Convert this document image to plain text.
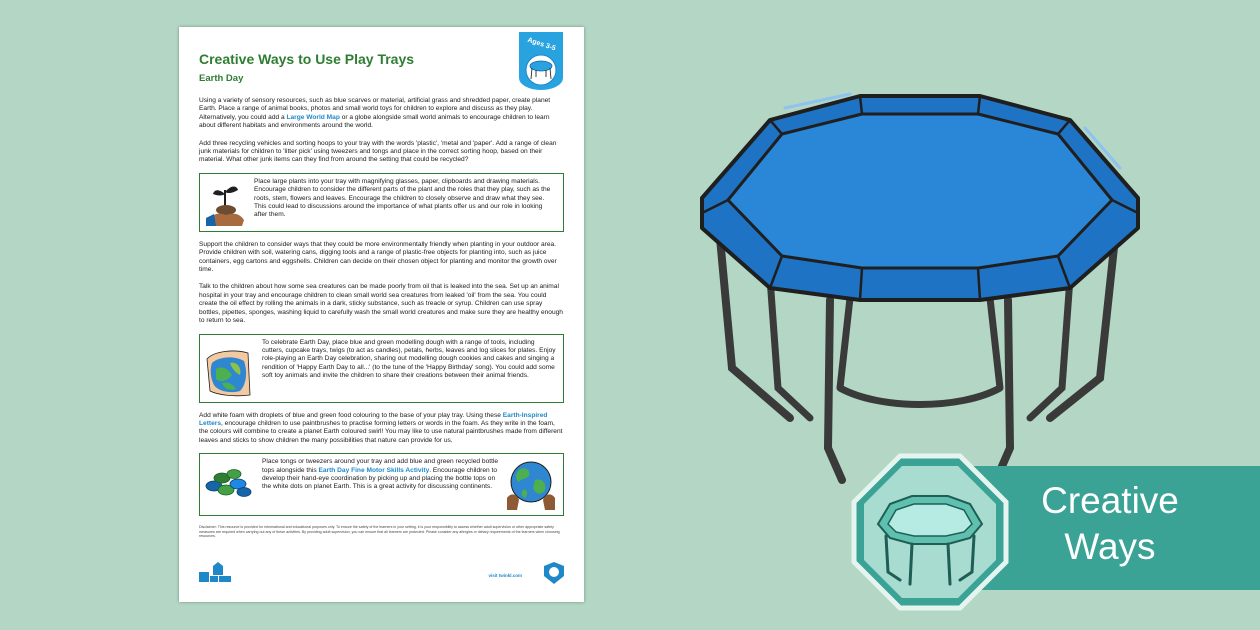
Ages 3-5
Creative Ways to Use Play Trays
Earth Day
Using a variety of sensory resources, such as blue scarves or material, artificial grass and shredded paper, create planet Earth. Place a range of animal books, photos and small world toys for children to explore and discuss as they play. Alternatively, you could add a Large World Map or a globe alongside small world animals to encourage children to learn about different habitats and environments around the world.
Add three recycling vehicles and sorting hoops to your tray with the words 'plastic', 'metal and 'paper'. Add a range of clean junk materials for children to 'litter pick' using tweezers and tongs and place in the correct sorting hoop, based on their material. What other junk items can they find from around the setting that could be recycled?
Place large plants into your tray with magnifying glasses, paper, clipboards and drawing materials. Encourage children to consider the different parts of the plant and the roles that they play, such as the roots, stem, flowers and leaves. Encourage the children to closely observe and draw what they see. This could lead to discussions around the importance of what plants offer us and our role in looking after them.
Support the children to consider ways that they could be more environmentally friendly when planting in your outdoor area. Provide children with soil, watering cans, digging tools and a range of plastic-free objects for planting into, such as juice containers, egg cartons and eggshells. Children can decide on their chosen object for planting and monitor the growth over time.
Talk to the children about how some sea creatures can be made poorly from oil that is leaked into the sea. Set up an animal hospital in your tray and encourage children to clean small world sea creatures from leaked 'oil' from the sea. You could create the oil effect by rolling the animals in a dark, sticky substance, such as treacle or syrup. Children can use spray bottles, pipettes, sponges, washing liquid to carefully wash the small world creatures and make sure they are healthy enough to return to sea.
To celebrate Earth Day, place blue and green modelling dough with a range of tools, including cutters, cupcake trays, twigs (to act as candles), petals, herbs, leaves and log slices for plates. Enjoy role-playing an Earth Day celebration, sharing out modelling dough cookies and cakes and singing a rendition of 'Happy Earth Day to all...' (to the tune of the 'Happy Birthday' song). You could add some soft toy animals and invite the children to share their creations between their animal friends.
Add white foam with droplets of blue and green food colouring to the base of your play tray. Using these Earth-Inspired Letters, encourage children to use paintbrushes to practise forming letters or words in the foam. As they write in the foam, the colours will combine to create a planet Earth coloured swirl! You may like to use natural paintbrushes made from different leaves and sticks to show children the many possibilities that nature can provide for us.
Place tongs or tweezers around your tray and add blue and green recycled bottle tops alongside this Earth Day Fine Motor Skills Activity. Encourage children to develop their hand-eye coordination by picking up and placing the bottle tops on the white dots on planet Earth. This is a great activity for discussing continents.
Disclaimer: This resource is provided for informational and educational purposes only. To ensure the safety of the learners in your setting, it is your responsibility to assess whether adult supervision or other appropriate safety measures are required when carrying out any of these activities. By providing adult supervision, you can ensure that all learners are protected. Please consider any allergies or dietary requirements of the learners when choosing resources.
visit twinkl.com
Creative
Ways
